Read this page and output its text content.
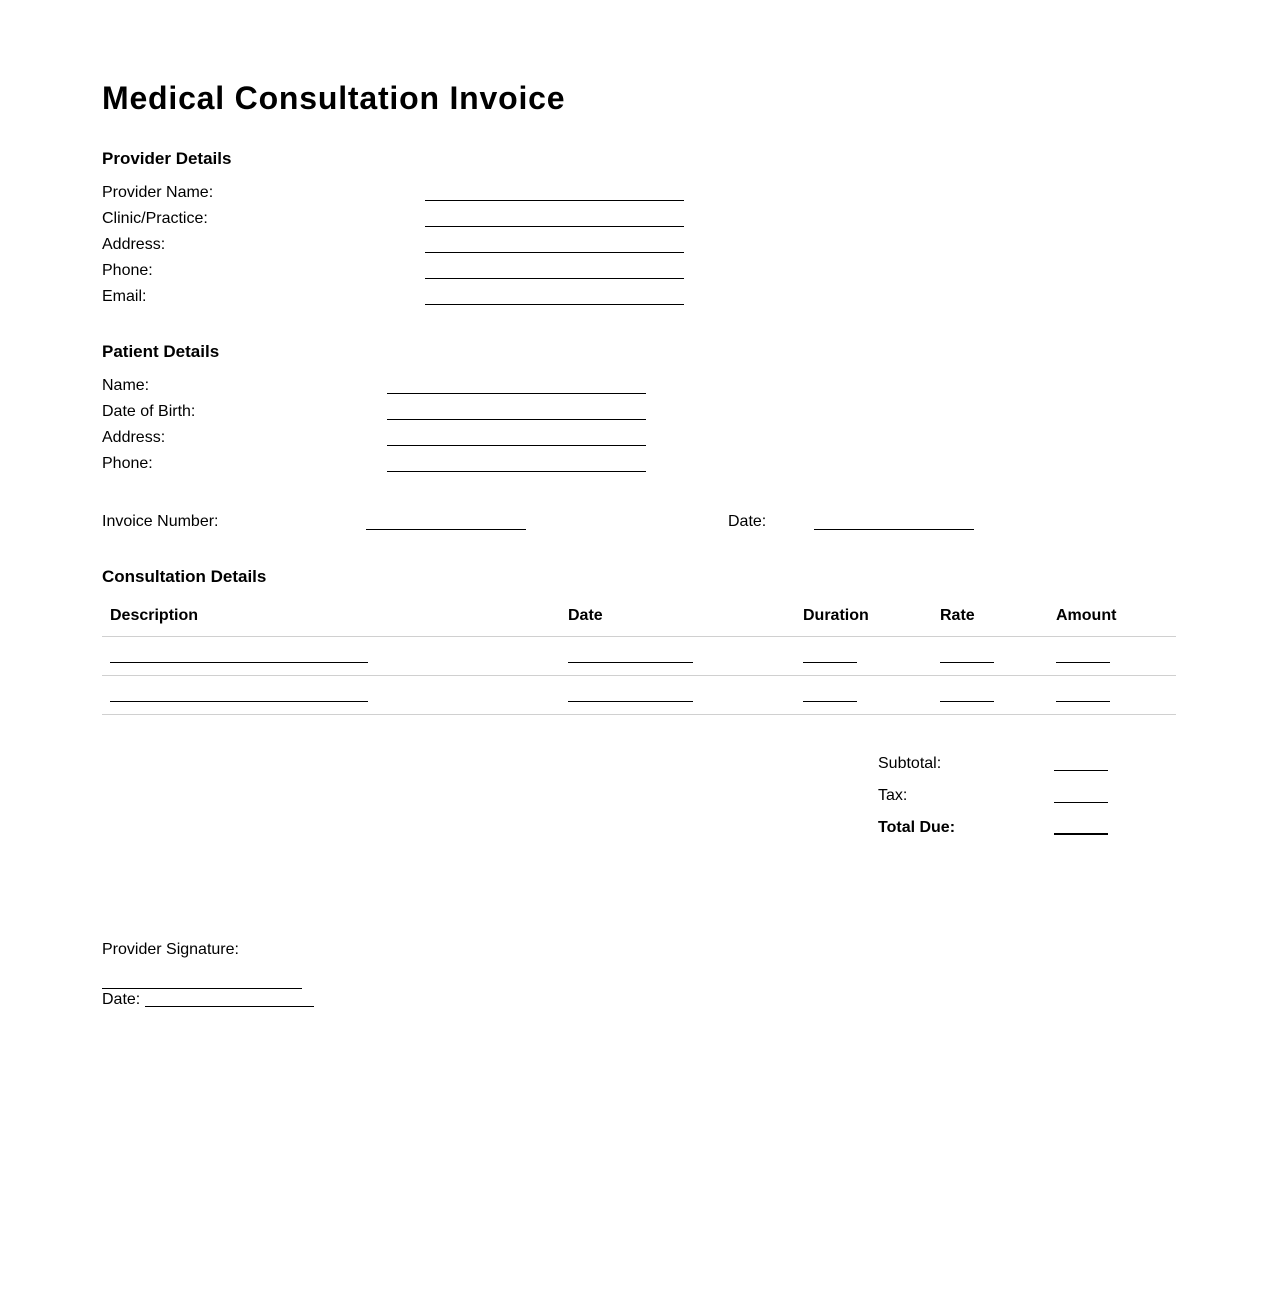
Medical Consultation Invoice
Provider Details
Provider Name:
Clinic/Practice:
Address:
Phone:
Email:
Patient Details
Name:
Date of Birth:
Address:
Phone:
Invoice Number:	Date:
Consultation Details
Description	Date	Duration	Rate	Amount
Subtotal:
Tax:
Total Due:
Provider Signature:
Date:
